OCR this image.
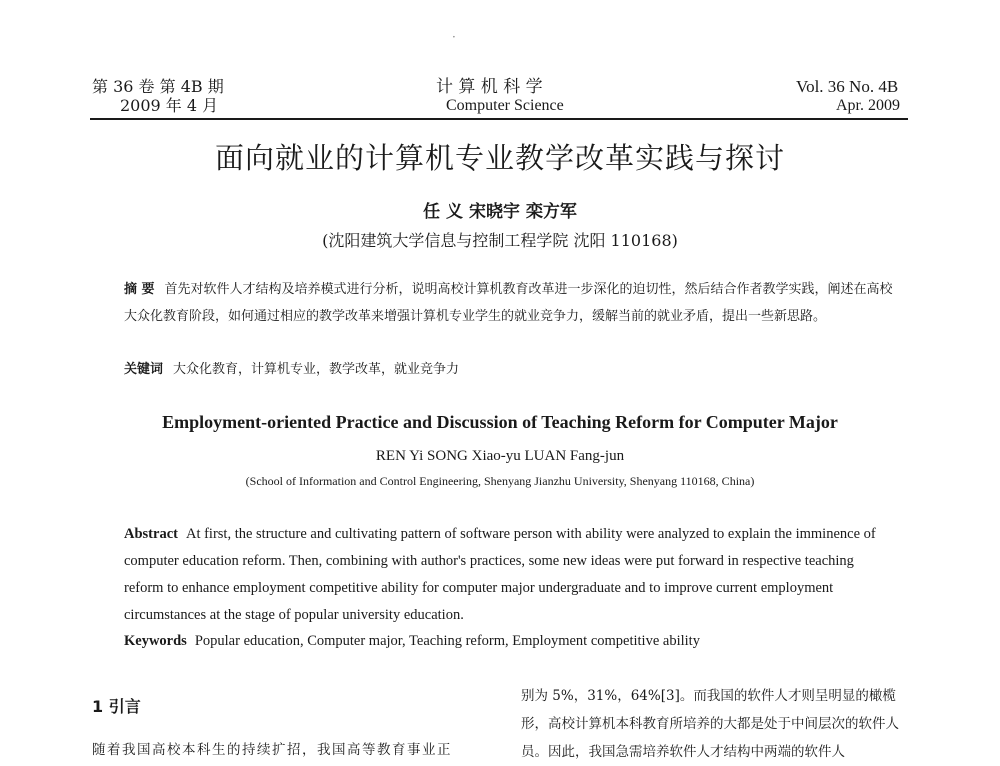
·
第 36 卷 第 4B 期
2009 年 4 月
计 算 机 科 学
Computer Science
Vol. 36 No. 4B
Apr. 2009
面向就业的计算机专业教学改革实践与探讨
任 义 宋晓宇 栾方军
(沈阳建筑大学信息与控制工程学院 沈阳 110168)
摘 要 首先对软件人才结构及培养模式进行分析，说明高校计算机教育改革进一步深化的迫切性，然后结合作者教学实践，阐述在高校大众化教育阶段，如何通过相应的教学改革来增强计算机专业学生的就业竞争力，缓解当前的就业矛盾，提出一些新思路。
关键词 大众化教育，计算机专业，教学改革，就业竞争力
Employment-oriented Practice and Discussion of Teaching Reform for Computer Major
REN Yi SONG Xiao-yu LUAN Fang-jun
(School of Information and Control Engineering, Shenyang Jianzhu University, Shenyang 110168, China)
Abstract At first, the structure and cultivating pattern of software person with ability were analyzed to explain the imminence of computer education reform. Then, combining with author's practices, some new ideas were put forward in respective teaching reform to enhance employment competitive ability for computer major undergraduate and to improve current employment circumstances at the stage of popular university education.
Keywords Popular education, Computer major, Teaching reform, Employment competitive ability
1 引言
随着我国高校本科生的持续扩招，我国高等教育事业正
别为 5%，31%，64%[3]。而我国的软件人才则呈明显的橄榄形，高校计算机本科教育所培养的大都是处于中间层次的软件人员。因此，我国急需培养软件人才结构中两端的软件人
